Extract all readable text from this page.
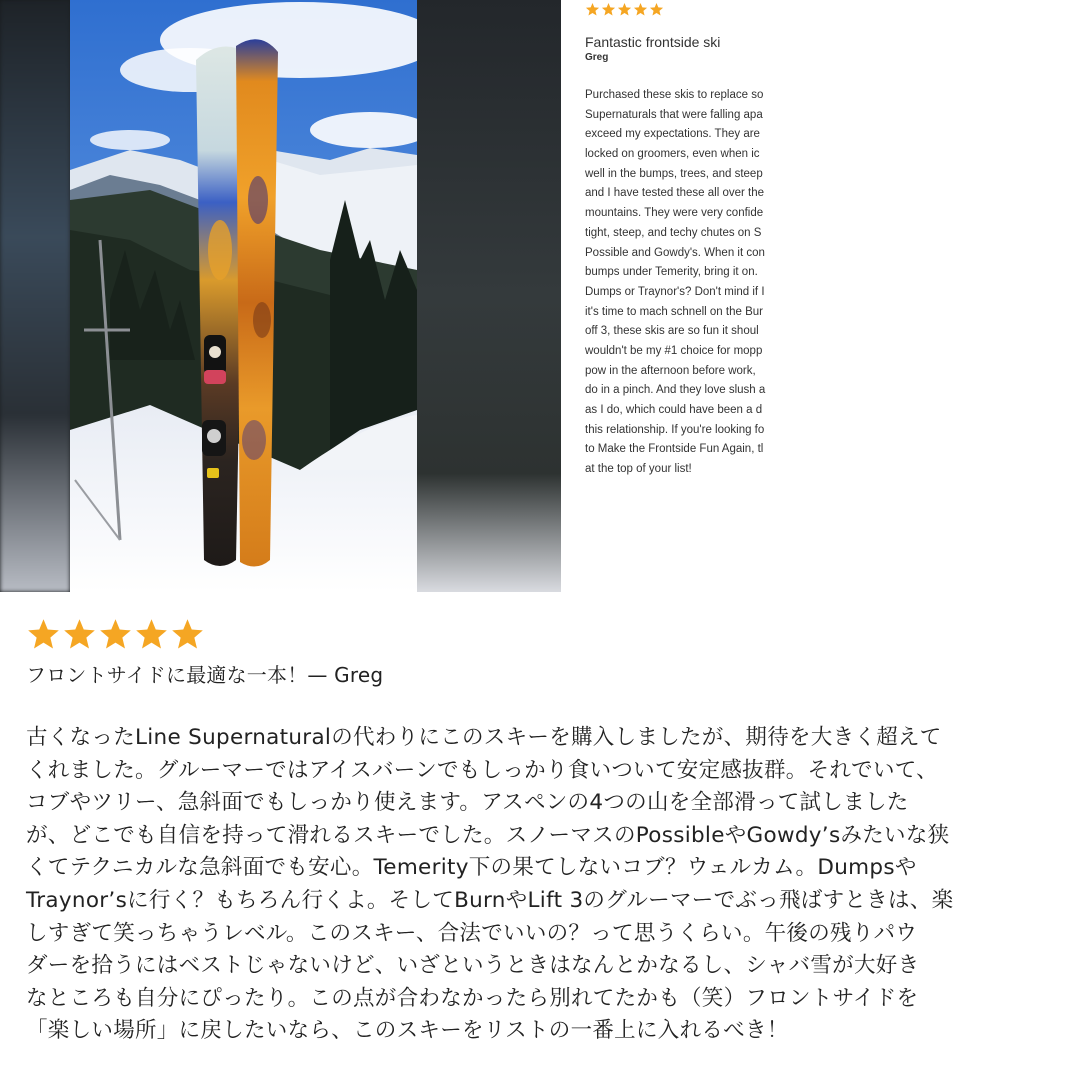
Fantastic frontside ski
Greg
Purchased these skis to replace so
Supernaturals that were falling apa
exceed my expectations. They are
locked on groomers, even when ic
well in the bumps, trees, and steep
and I have tested these all over the
mountains. They were very confide
tight, steep, and techy chutes on S
Possible and Gowdy's. When it con
bumps under Temerity, bring it on.
Dumps or Traynor's? Don't mind if I
it's time to mach schnell on the Bur
off 3, these skis are so fun it shoul
wouldn't be my #1 choice for mopp
pow in the afternoon before work,
do in a pinch. And they love slush a
as I do, which could have been a d
this relationship. If you're looking fo
to Make the Frontside Fun Again, tl
at the top of your list!
フロントサイドに最適な一本！— Greg
古くなったLine Supernaturalの代わりにこのスキーを購入しましたが、期待を大きく超えて
くれました。グルーマーではアイスバーンでもしっかり食いついて安定感抜群。それでいて、
コブやツリー、急斜面でもしっかり使えます。アスペンの4つの山を全部滑って試しました
が、どこでも自信を持って滑れるスキーでした。スノーマスのPossibleやGowdy’sみたいな狭
くてテクニカルな急斜面でも安心。Temerity下の果てしないコブ？ウェルカム。Dumpsや
Traynor’sに行く？もちろん行くよ。そしてBurnやLift 3のグルーマーでぶっ飛ばすときは、楽
しすぎて笑っちゃうレベル。このスキー、合法でいいの？って思うくらい。午後の残りパウ
ダーを拾うにはベストじゃないけど、いざというときはなんとかなるし、シャバ雪が大好き
なところも自分にぴったり。この点が合わなかったら別れてたかも（笑）フロントサイドを
「楽しい場所」に戻したいなら、このスキーをリストの一番上に入れるべき！
